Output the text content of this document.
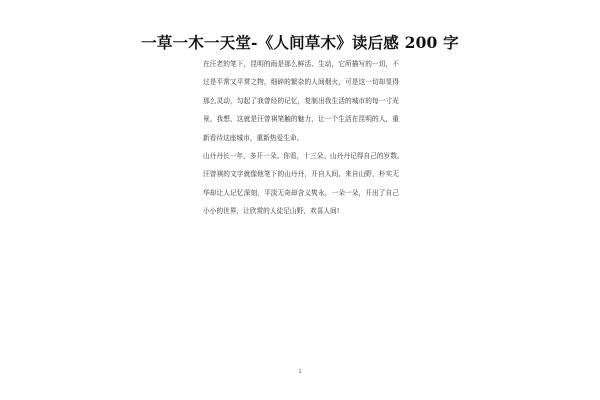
一草一木一天堂-《人间草木》读后感 200 字
在汪老的笔下，昆明的雨是那么鲜活、生动，它所描写的一切，不
过是平常又平常之物，细碎的繁杂的人间烟火，可是这一切却显得
那么灵动，勾起了我曾经的记忆，复制出我生活的城市的每一寸光
景。我想，这就是汪曾祺笔触的魅力，让一个生活在昆明的人，重
新看待这座城市，重新热爱生命。
山丹丹长一年，多开一朵。你看，十三朵。山丹丹记得自己的岁数。
汪曾祺的文字就像他笔下的山丹丹，开自人间，来自山野，朴实无
华却让人记忆深刻，平淡无奇却含义隽永，一朵一朵，开出了自己
小小的世界，让欣赏的人徒足山野，欢喜人间!
1
